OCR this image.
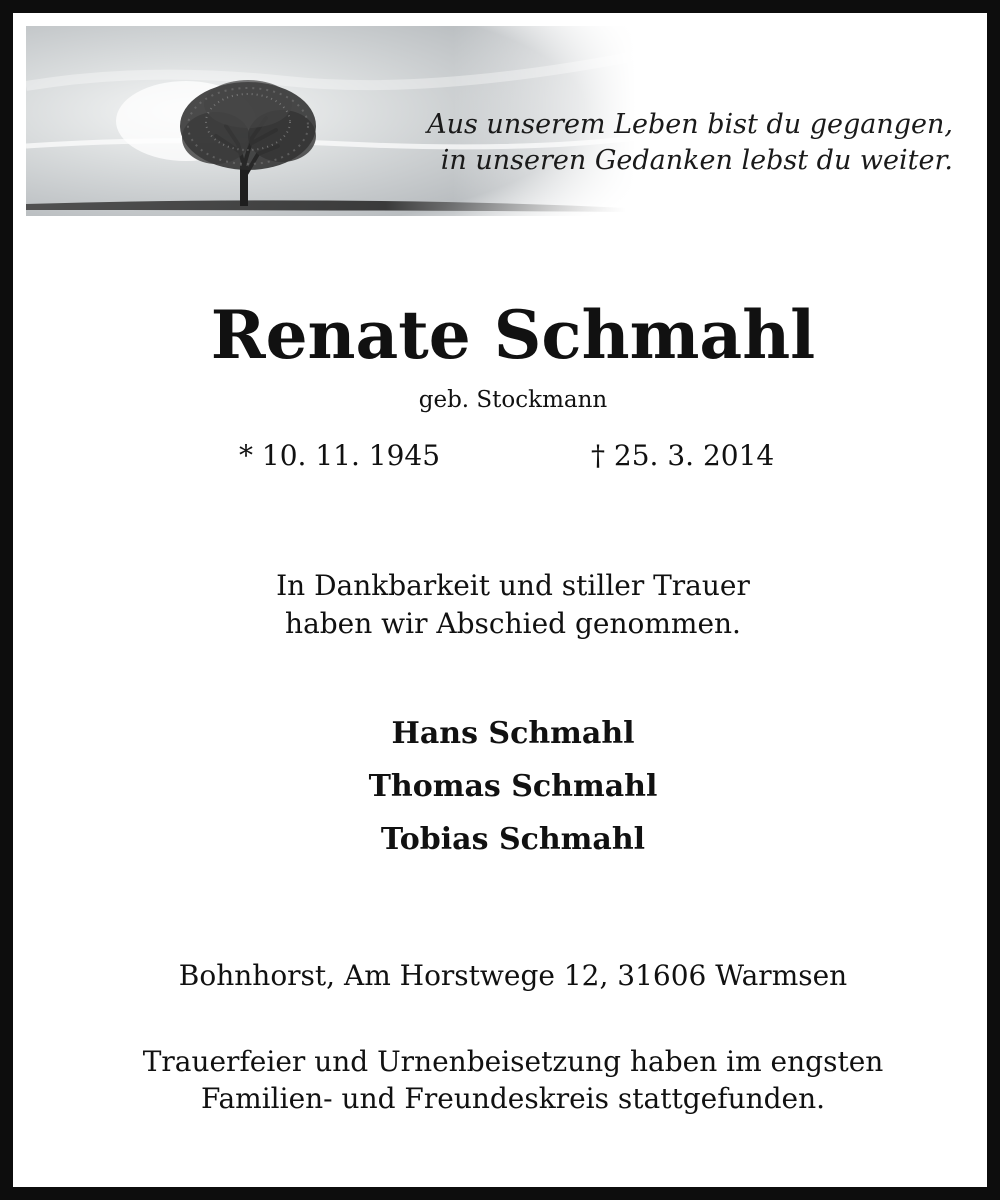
Aus unserem Leben bist du gegangen,
in unseren Gedanken lebst du weiter.
Renate Schmahl
geb. Stockmann
* 10. 11. 1945	† 25. 3. 2014
In Dankbarkeit und stiller Trauer
haben wir Abschied genommen.
Hans Schmahl
Thomas Schmahl
Tobias Schmahl
Bohnhorst, Am Horstwege 12, 31606 Warmsen
Trauerfeier und Urnenbeisetzung haben im engsten
Familien- und Freundeskreis stattgefunden.
